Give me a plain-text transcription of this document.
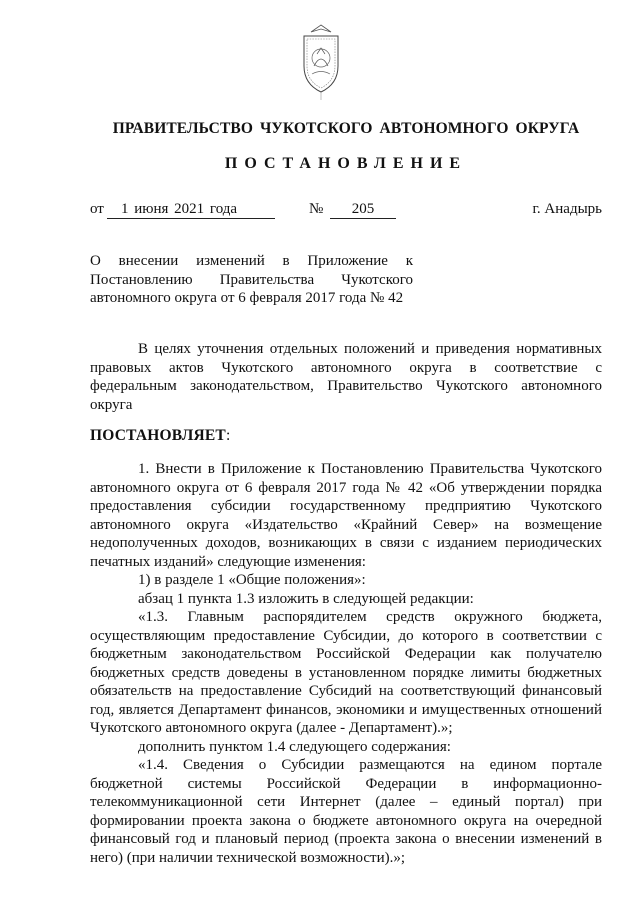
ПРАВИТЕЛЬСТВО ЧУКОТСКОГО АВТОНОМНОГО ОКРУГА
ПОСТАНОВЛЕНИЕ
от	1 июня 2021 года	№	205	г. Анадырь
О внесении изменений в Приложение к
Постановлению Правительства Чукотского
автономного округа от 6 февраля 2017 года № 42
В целях уточнения отдельных положений и приведения нормативных
правовых актов Чукотского автономного округа в соответствие с
федеральным законодательством, Правительство Чукотского автономного
округа
ПОСТАНОВЛЯЕТ:
1. Внести в Приложение к Постановлению Правительства Чукотского
автономного округа от 6 февраля 2017 года № 42 «Об утверждении порядка
предоставления субсидии государственному предприятию Чукотского
автономного округа «Издательство «Крайний Север» на возмещение
недополученных доходов, возникающих в связи с изданием периодических
печатных изданий» следующие изменения:
1) в разделе 1 «Общие положения»:
абзац 1 пункта 1.3 изложить в следующей редакции:
«1.3. Главным распорядителем средств окружного бюджета,
осуществляющим предоставление Субсидии, до которого в соответствии с
бюджетным законодательством Российской Федерации как получателю
бюджетных средств доведены в установленном порядке лимиты бюджетных
обязательств на предоставление Субсидий на соответствующий финансовый
год, является Департамент финансов, экономики и имущественных отношений
Чукотского автономного округа (далее - Департамент).»;
дополнить пунктом 1.4 следующего содержания:
«1.4. Сведения о Субсидии размещаются на едином портале
бюджетной системы Российской Федерации в информационно-
телекоммуникационной сети Интернет (далее – единый портал) при
формировании проекта закона о бюджете автономного округа на очередной
финансовый год и плановый период (проекта закона о внесении изменений в
него) (при наличии технической возможности).»;
